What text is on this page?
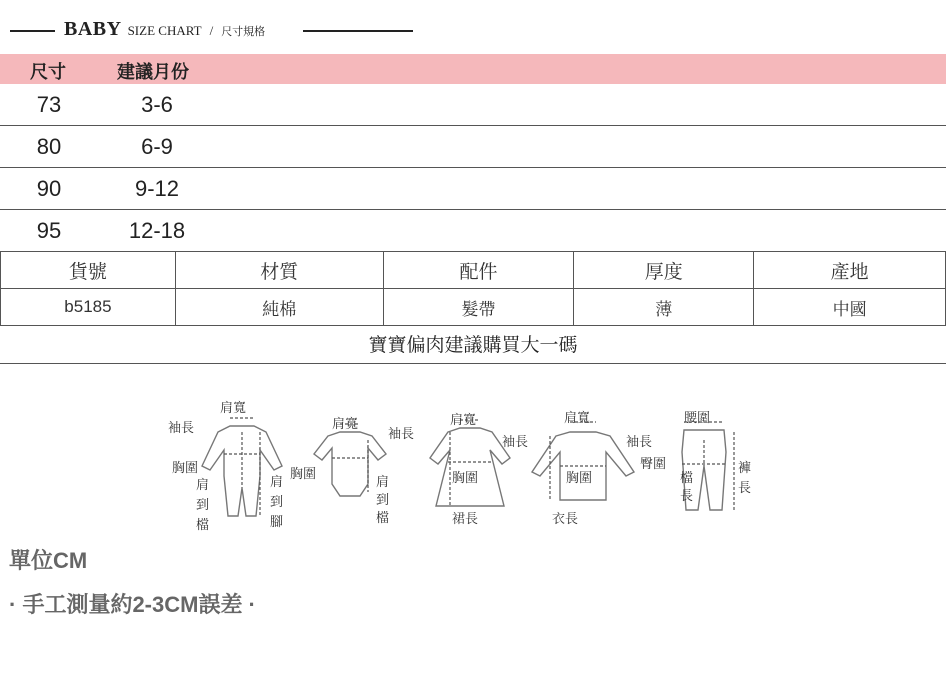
BABY SIZE CHART / 尺寸規格
尺寸	建議月份
73	3-6
80	6-9
90	9-12
95	12-18
貨號	材質	配件	厚度	產地
b5185	純棉	髮帶	薄	中國
寶寶偏肉建議購買大一碼
肩寬
袖長
胸圍
肩
到
檔
肩
到
腳
肩寬
袖長
胸圍
肩
到
檔
肩寬
袖長
胸圍
裙長
肩寬
袖長
胸圍
衣長
腰圍
臀圍
檔
長
褲
長
單位CM
· 手工測量約2-3CM誤差 ·
